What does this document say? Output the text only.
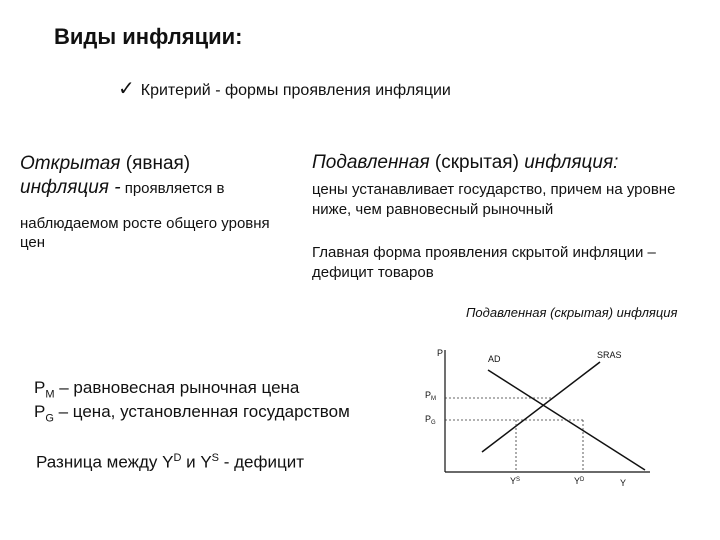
Виды инфляции:
✓ Критерий - формы проявления инфляции
Открытая (явная)
инфляция - проявляется в
наблюдаемом росте общего уровня цен
Подавленная (скрытая) инфляция:
цены устанавливает государство, причем на уровне ниже, чем равновесный рыночный
Главная форма проявления скрытой инфляции – дефицит товаров
Подавленная (скрытая) инфляция
$P_M$ – равновесная рыночная цена
$P_G$ – цена, установленная государством
Разница между $Y^D$ и $Y^S$ - дефицит
P
Y
AD	SRAS
$P_M$
$P_G$
$Y^S$	$Y^D$
